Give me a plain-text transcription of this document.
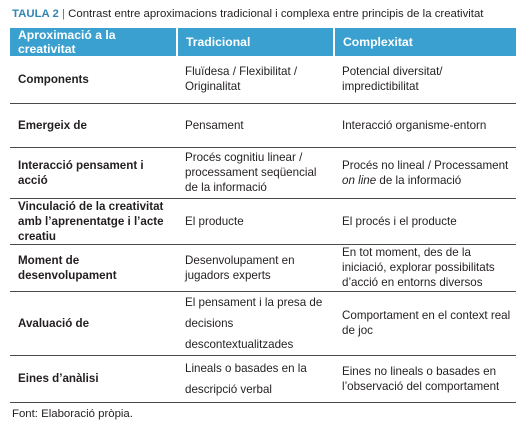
TAULA 2 | Contrast entre aproximacions tradicional i complexa entre principis de la creativitat
Aproximació a la creativitat	Tradicional	Complexitat
Components	Fluïdesa / Flexibilitat / Originalitat	Potencial diversitat/ impredictibilitat
Emergeix de	Pensament	Interacció organisme-entorn
Interacció pensament i acció	Procés cognitiu linear / processament seqüencial de la informació	Procés no lineal / Processament on line de la informació
Vinculació de la creativitat amb l’aprenentatge i l’acte creatiu	El producte	El procés i el producte
Moment de desenvolupament	Desenvolupament en jugadors experts	En tot moment, des de la iniciació, explorar possibilitats d’acció en entorns diversos
Avaluació de	El pensament i la presa de decisions descontextualitzades	Comportament en el context real de joc
Eines d’anàlisi	Lineals o basades en la descripció verbal	Eines no lineals o basades en l’observació del comportament
Font: Elaboració pròpia.
